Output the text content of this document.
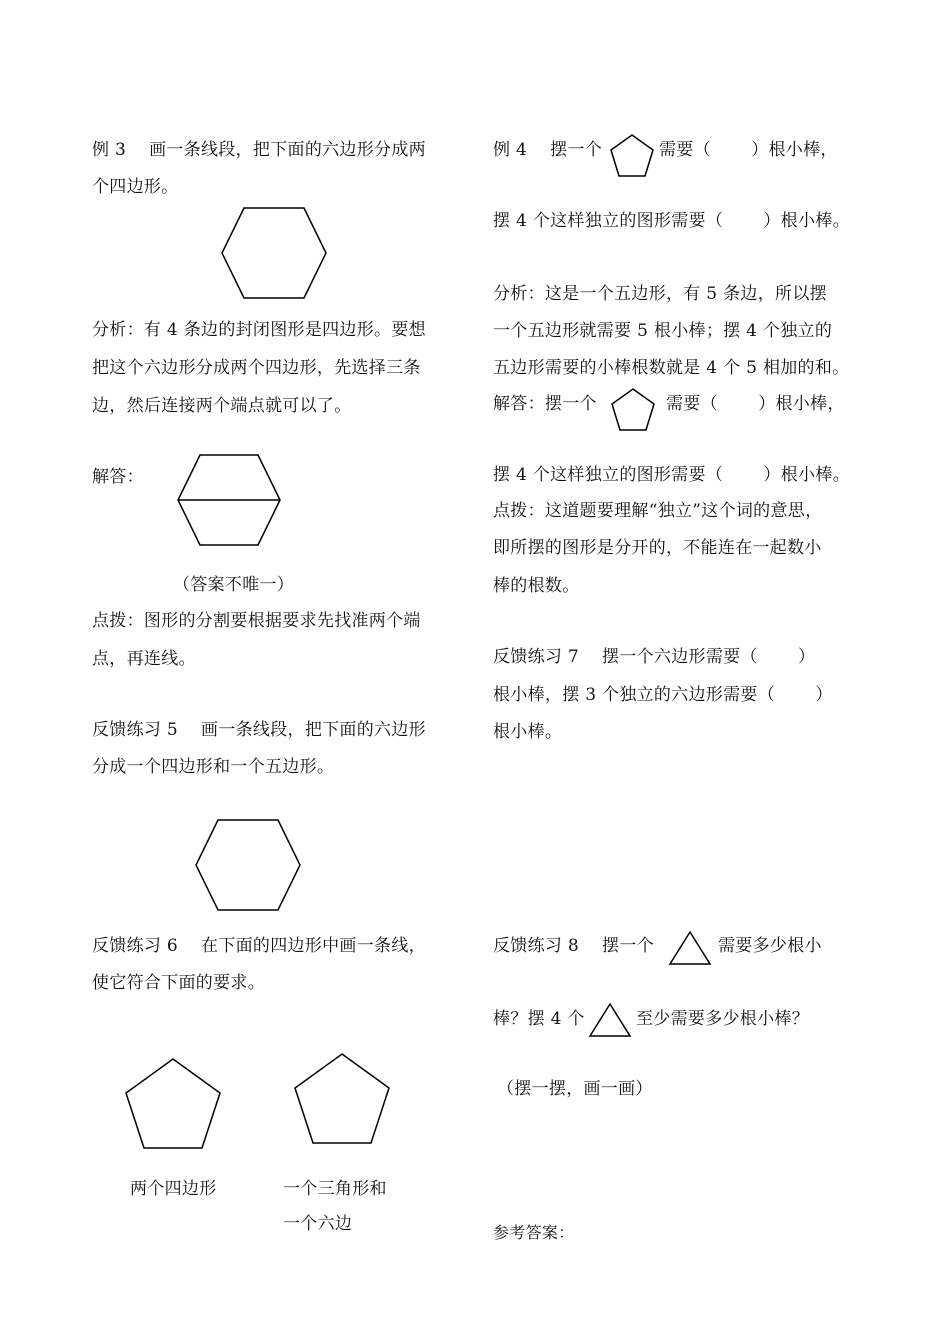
例 3　 画一条线段，把下面的六边形分成两
个四边形。
分析：有 4 条边的封闭图形是四边形。要想
把这个六边形分成两个四边形，先选择三条
边，然后连接两个端点就可以了。
解答：
（答案不唯一）
点拨：图形的分割要根据要求先找准两个端
点，再连线。
反馈练习 5　 画一条线段，把下面的六边形
分成一个四边形和一个五边形。
反馈练习 6　 在下面的四边形中画一条线，
使它符合下面的要求。
两个四边形	一个三角形和
一个六边
例 4　 摆一个	需要（　　 ）根小棒，
摆 4 个这样独立的图形需要（　　 ）根小棒。
分析：这是一个五边形，有 5 条边，所以摆
一个五边形就需要 5 根小棒；摆 4 个独立的
五边形需要的小棒根数就是 4 个 5 相加的和。
解答：摆一个	需要（　　 ）根小棒，
摆 4 个这样独立的图形需要（　　 ）根小棒。
点拨：这道题要理解“独立”这个词的意思，
即所摆的图形是分开的，不能连在一起数小
棒的根数。
反馈练习 7　 摆一个六边形需要（　　 ）
根小棒，摆 3 个独立的六边形需要（　　 ）
根小棒。
反馈练习 8　 摆一个	需要多少根小
棒？摆 4 个	至少需要多少根小棒？
（摆一摆，画一画）
参考答案：
